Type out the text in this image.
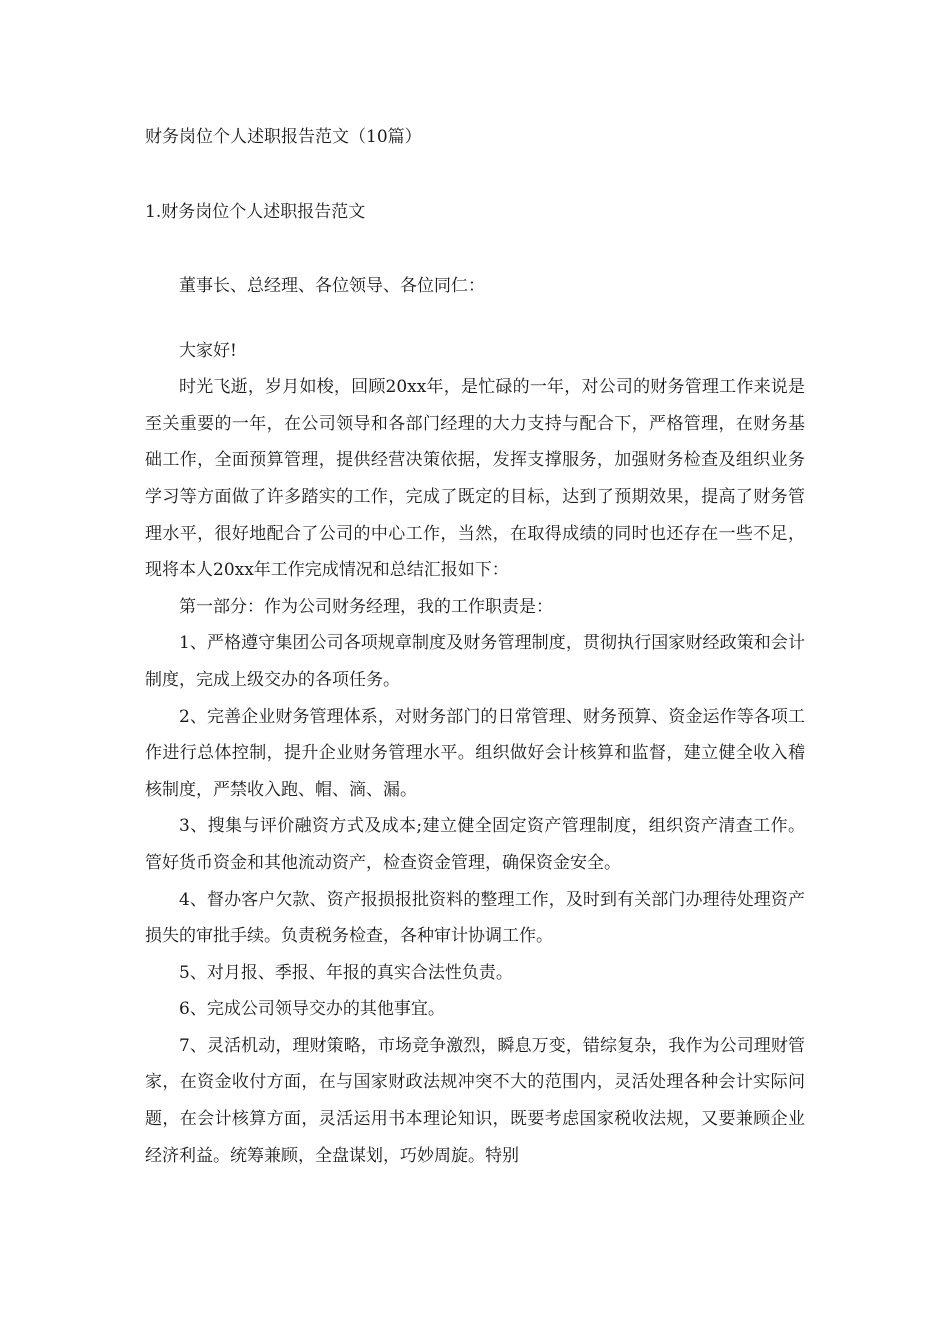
财务岗位个人述职报告范文（10篇）
1.财务岗位个人述职报告范文

董事长、总经理、各位领导、各位同仁：

大家好!

时光飞逝，岁月如梭，回顾20xx年，是忙碌的一年，对公司的财务管理工作来说是至关重要的一年，在公司领导和各部门经理的大力支持与配合下，严格管理，在财务基础工作，全面预算管理，提供经营决策依据，发挥支撑服务，加强财务检查及组织业务学习等方面做了许多踏实的工作，完成了既定的目标，达到了预期效果，提高了财务管理水平，很好地配合了公司的中心工作，当然，在取得成绩的同时也还存在一些不足，现将本人20xx年工作完成情况和总结汇报如下：

第一部分：作为公司财务经理，我的工作职责是：

1、严格遵守集团公司各项规章制度及财务管理制度，贯彻执行国家财经政策和会计制度，完成上级交办的各项任务。

2、完善企业财务管理体系，对财务部门的日常管理、财务预算、资金运作等各项工作进行总体控制，提升企业财务管理水平。组织做好会计核算和监督，建立健全收入稽核制度，严禁收入跑、帽、滴、漏。

3、搜集与评价融资方式及成本;建立健全固定资产管理制度，组织资产清查工作。管好货币资金和其他流动资产，检查资金管理，确保资金安全。

4、督办客户欠款、资产报损报批资料的整理工作，及时到有关部门办理待处理资产损失的审批手续。负责税务检查，各种审计协调工作。

5、对月报、季报、年报的真实合法性负责。

6、完成公司领导交办的其他事宜。

7、灵活机动，理财策略，市场竞争激烈，瞬息万变，错综复杂，我作为公司理财管家，在资金收付方面，在与国家财政法规冲突不大的范围内，灵活处理各种会计实际问题，在会计核算方面，灵活运用书本理论知识，既要考虑国家税收法规，又要兼顾企业经济利益。统筹兼顾，全盘谋划，巧妙周旋。特别
